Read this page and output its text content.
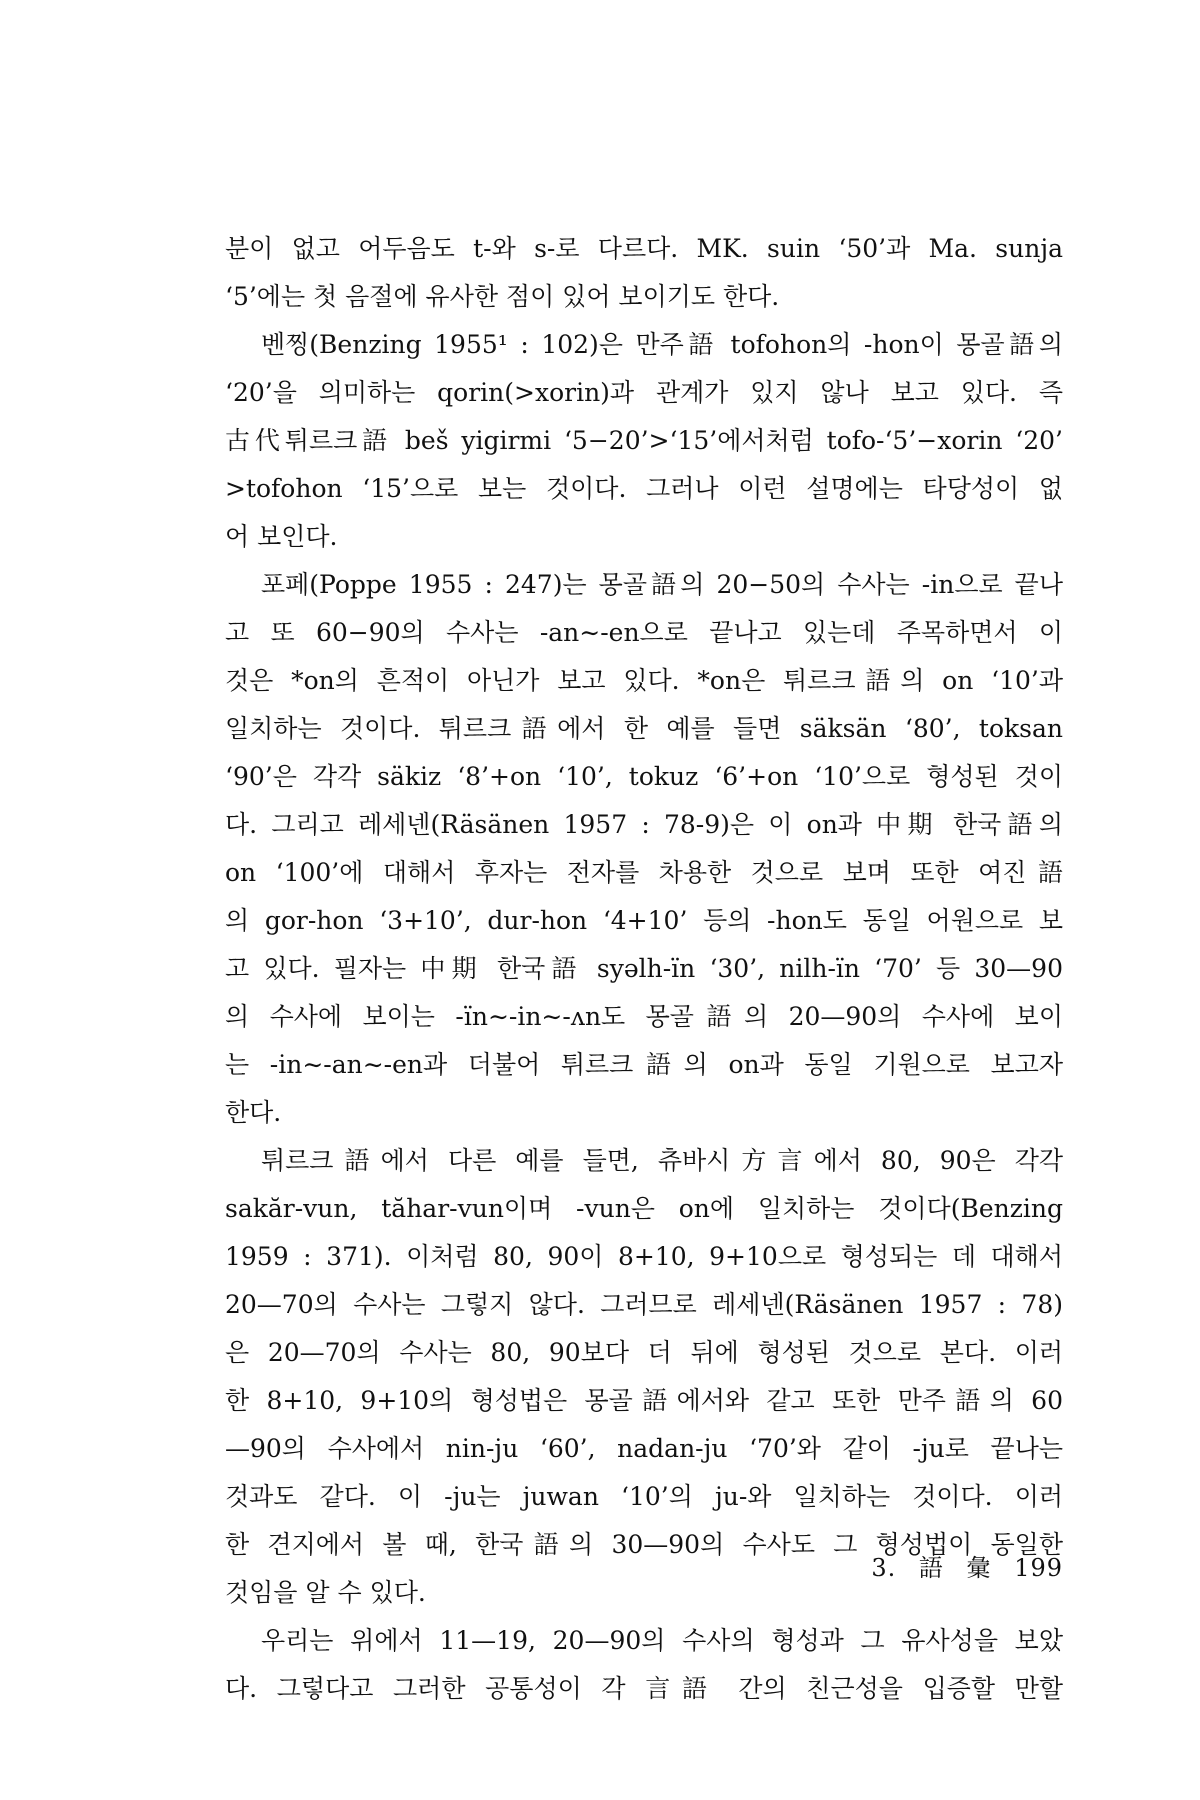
분이 없고 어두음도 t-와 s-로 다르다. MK. suin ‘50’과 Ma. sunja
‘5’에는 첫 음절에 유사한 점이 있어 보이기도 한다.
벤찡(Benzing 1955¹ : 102)은 만주語 tofohon의 -hon이 몽골語의
‘20’을 의미하는 qorin(>xorin)과 관계가 있지 않나 보고 있다. 즉
古代튀르크語 beš yigirmi ‘5−20’>‘15’에서처럼 tofo-‘5’−xorin ‘20’
>tofohon ‘15’으로 보는 것이다. 그러나 이런 설명에는 타당성이 없
어 보인다.
포페(Poppe 1955 : 247)는 몽골語의 20−50의 수사는 -in으로 끝나
고 또 60−90의 수사는 -an∼-en으로 끝나고 있는데 주목하면서 이
것은 *on의 흔적이 아닌가 보고 있다. *on은 튀르크語의 on ‘10’과
일치하는 것이다. 튀르크語에서 한 예를 들면 säksän ‘80’, toksan
‘90’은 각각 säkiz ‘8’+on ‘10’, tokuz ‘6’+on ‘10’으로 형성된 것이
다. 그리고 레세넨(Räsänen 1957 : 78-9)은 이 on과 中期 한국語의
on ‘100’에 대해서 후자는 전자를 차용한 것으로 보며 또한 여진語
의 gor-hon ‘3+10’, dur-hon ‘4+10’ 등의 -hon도 동일 어원으로 보
고 있다. 필자는 中期 한국語 syəlh-ïn ‘30’, nilh-ïn ‘70’ 등 30—90
의 수사에 보이는 -ïn∼-in∼-ʌn도 몽골語의 20—90의 수사에 보이
는 -in∼-an∼-en과 더불어 튀르크語의 on과 동일 기원으로 보고자
한다.
튀르크語에서 다른 예를 들면, 츄바시方言에서 80, 90은 각각
sakăr-vun, tăhar-vun이며 -vun은 on에 일치하는 것이다(Benzing
1959 : 371). 이처럼 80, 90이 8+10, 9+10으로 형성되는 데 대해서
20—70의 수사는 그렇지 않다. 그러므로 레세넨(Räsänen 1957 : 78)
은 20—70의 수사는 80, 90보다 더 뒤에 형성된 것으로 본다. 이러
한 8+10, 9+10의 형성법은 몽골語에서와 같고 또한 만주語의 60
—90의 수사에서 nin-ju ‘60’, nadan-ju ‘70’와 같이 -ju로 끝나는
것과도 같다. 이 -ju는 juwan ‘10’의 ju-와 일치하는 것이다. 이러
한 견지에서 볼 때, 한국語의 30—90의 수사도 그 형성법이 동일한
것임을 알 수 있다.
우리는 위에서 11—19, 20—90의 수사의 형성과 그 유사성을 보았
다. 그렇다고 그러한 공통성이 각 言語 간의 친근성을 입증할 만할
3. 語 彙 199
